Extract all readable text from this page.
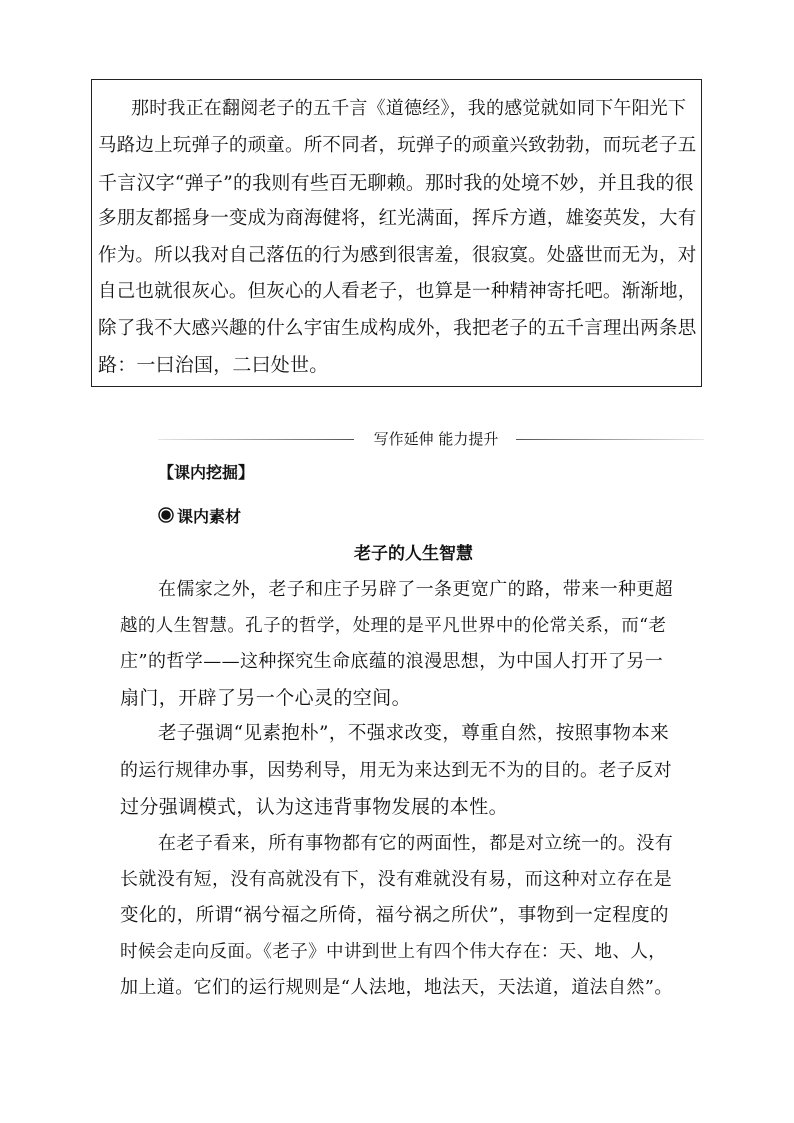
那时我正在翻阅老子的五千言《道德经》，我的感觉就如同下午阳光下

马路边上玩弹子的顽童。所不同者，玩弹子的顽童兴致勃勃，而玩老子五

千言汉字“弹子”的我则有些百无聊赖。那时我的处境不妙，并且我的很

多朋友都摇身一变成为商海健将，红光满面，挥斥方遒，雄姿英发，大有

作为。所以我对自己落伍的行为感到很害羞，很寂寞。处盛世而无为，对

自己也就很灰心。但灰心的人看老子，也算是一种精神寄托吧。渐渐地，

除了我不大感兴趣的什么宇宙生成构成外，我把老子的五千言理出两条思

路：一曰治国，二曰处世。

写作延伸 能力提升
【课内挖掘】
课内素材
老子的人生智慧

在儒家之外，老子和庄子另辟了一条更宽广的路，带来一种更超

越的人生智慧。孔子的哲学，处理的是平凡世界中的伦常关系，而“老

庄”的哲学——这种探究生命底蕴的浪漫思想，为中国人打开了另一

扇门，开辟了另一个心灵的空间。

老子强调“见素抱朴”，不强求改变，尊重自然，按照事物本来

的运行规律办事，因势利导，用无为来达到无不为的目的。老子反对

过分强调模式，认为这违背事物发展的本性。

在老子看来，所有事物都有它的两面性，都是对立统一的。没有

长就没有短，没有高就没有下，没有难就没有易，而这种对立存在是

变化的，所谓“祸兮福之所倚，福兮祸之所伏”，事物到一定程度的

时候会走向反面。《老子》中讲到世上有四个伟大存在：天、地、人，

加上道。它们的运行规则是“人法地，地法天，天法道，道法自然”。
